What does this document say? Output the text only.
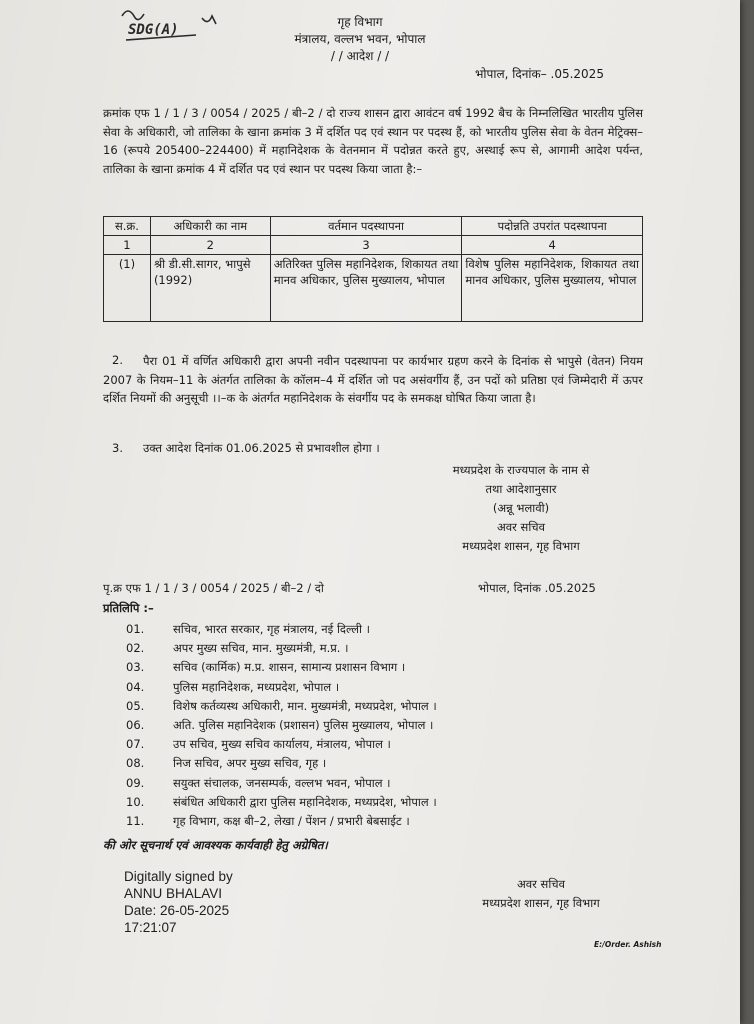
SDG(A)	गृह विभाग
मंत्रालय, वल्लभ भवन, भोपाल
/ / आदेश / /
भोपाल, दिनांक– .05.2025
क्रमांक एफ 1 / 1 / 3 / 0054 / 2025 / बी–2 / दो राज्य शासन द्वारा आवंटन वर्ष 1992 बैच के निम्नलिखित भारतीय पुलिस सेवा के अधिकारी, जो तालिका के खाना क्रमांक 3 में दर्शित पद एवं स्थान पर पदस्थ हैं, को भारतीय पुलिस सेवा के वेतन मेट्रिक्स–16 (रूपये 205400–224400) में महानिदेशक के वेतनमान में पदोन्नत करते हुए, अस्थाई रूप से, आगामी आदेश पर्यन्त, तालिका के खाना क्रमांक 4 में दर्शित पद एवं स्थान पर पदस्थ किया जाता है:–
स.क्र.	अधिकारी का नाम	वर्तमान पदस्थापना	पदोन्नति उपरांत पदस्थापना
1	2	3	4
(1)	श्री डी.सी.सागर, भापुसे (1992)	अतिरिक्त पुलिस महानिदेशक, शिकायत तथा मानव अधिकार, पुलिस मुख्यालय, भोपाल	विशेष पुलिस महानिदेशक, शिकायत तथा मानव अधिकार, पुलिस मुख्यालय, भोपाल
2.	पैरा 01 में वर्णित अधिकारी द्वारा अपनी नवीन पदस्थापना पर कार्यभार ग्रहण करने के दिनांक से भापुसे (वेतन) नियम 2007 के नियम–11 के अंतर्गत तालिका के कॉलम–4 में दर्शित जो पद असंवर्गीय हैं, उन पदों को प्रतिष्ठा एवं जिम्मेदारी में ऊपर दर्शित नियमों की अनुसूची ।।–क के अंतर्गत महानिदेशक के संवर्गीय पद के समकक्ष घोषित किया जाता है।
3. उक्त आदेश दिनांक 01.06.2025 से प्रभावशील होगा ।
मध्यप्रदेश के राज्यपाल के नाम से
तथा आदेशानुसार
(अन्नू भलावी)
अवर सचिव
मध्यप्रदेश शासन, गृह विभाग
पृ.क्र एफ 1 / 1 / 3 / 0054 / 2025 / बी–2 / दो	भोपाल, दिनांक .05.2025
प्रतिलिपि :–
01. सचिव, भारत सरकार, गृह मंत्रालय, नई दिल्ली ।
02. अपर मुख्य सचिव, मान. मुख्यमंत्री, म.प्र. ।
03. सचिव (कार्मिक) म.प्र. शासन, सामान्य प्रशासन विभाग ।
04. पुलिस महानिदेशक, मध्यप्रदेश, भोपाल ।
05. विशेष कर्तव्यस्थ अधिकारी, मान. मुख्यमंत्री, मध्यप्रदेश, भोपाल ।
06. अति. पुलिस महानिदेशक (प्रशासन) पुलिस मुख्यालय, भोपाल ।
07. उप सचिव, मुख्य सचिव कार्यालय, मंत्रालय, भोपाल ।
08. निज सचिव, अपर मुख्य सचिव, गृह ।
09. सयुक्त संचालक, जनसम्पर्क, वल्लभ भवन, भोपाल ।
10. संबंधित अधिकारी द्वारा पुलिस महानिदेशक, मध्यप्रदेश, भोपाल ।
11. गृह विभाग, कक्ष बी–2, लेखा / पेंशन / प्रभारी बेबसाईट ।
की ओर सूचनार्थ एवं आवश्यक कार्यवाही हेतु अग्रेषित।
Digitally signed by
ANNU BHALAVI
Date: 26-05-2025
17:21:07
अवर सचिव
मध्यप्रदेश शासन, गृह विभाग
E:/Order. Ashish
